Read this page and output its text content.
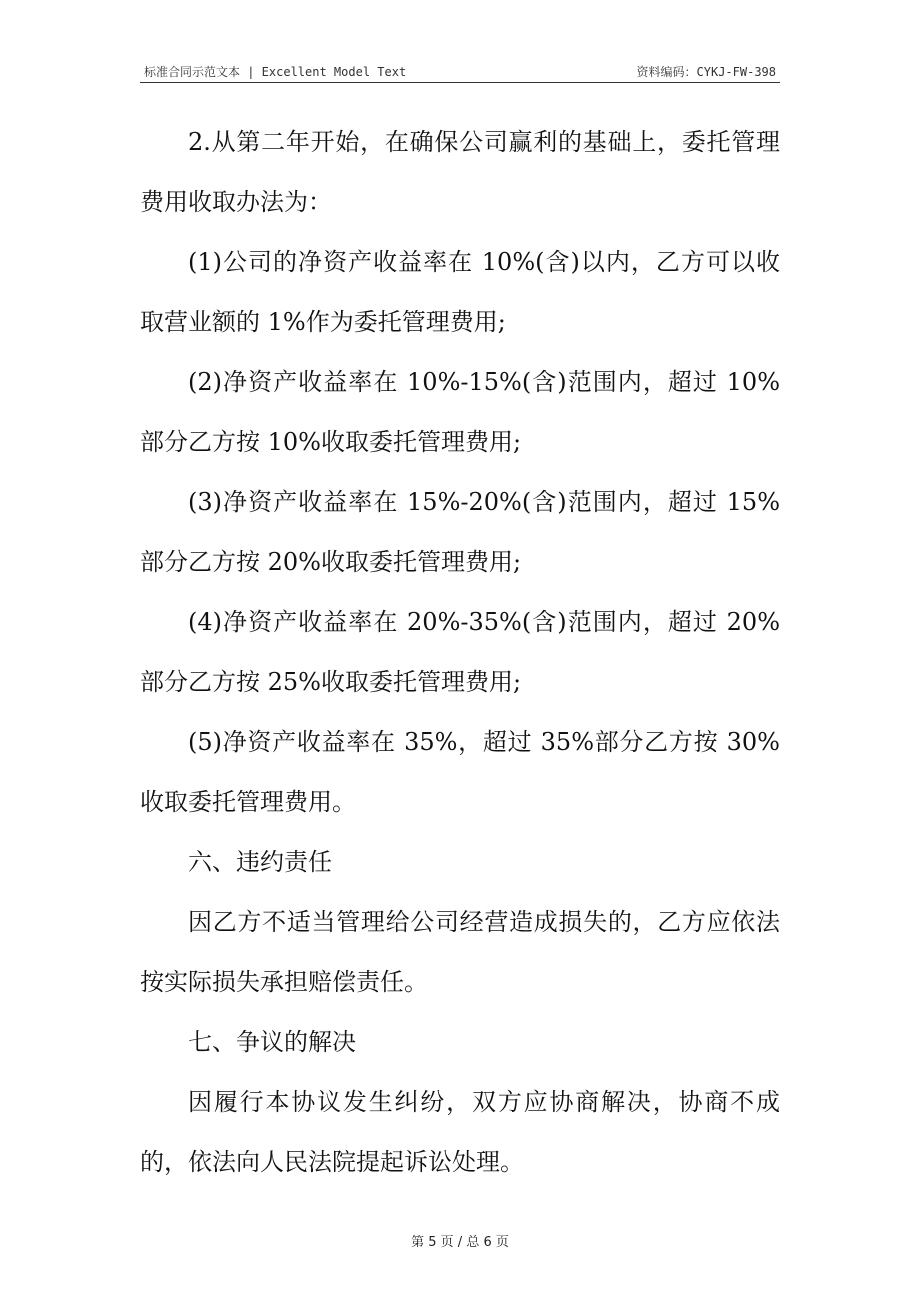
标准合同示范文本 | Excellent Model Text	资料编码：CYKJ-FW-398

2.从第二年开始，在确保公司赢利的基础上，委托管理费用收取办法为：

(1)公司的净资产收益率在 10%(含)以内，乙方可以收取营业额的 1%作为委托管理费用;

(2)净资产收益率在 10%-15%(含)范围内，超过 10%部分乙方按 10%收取委托管理费用;

(3)净资产收益率在 15%-20%(含)范围内，超过 15%部分乙方按 20%收取委托管理费用;

(4)净资产收益率在 20%-35%(含)范围内，超过 20%部分乙方按 25%收取委托管理费用;

(5)净资产收益率在 35%，超过 35%部分乙方按 30%收取委托管理费用。

六、违约责任

因乙方不适当管理给公司经营造成损失的，乙方应依法按实际损失承担赔偿责任。

七、争议的解决

因履行本协议发生纠纷，双方应协商解决，协商不成的，依法向人民法院提起诉讼处理。

第 5 页 / 总 6 页
